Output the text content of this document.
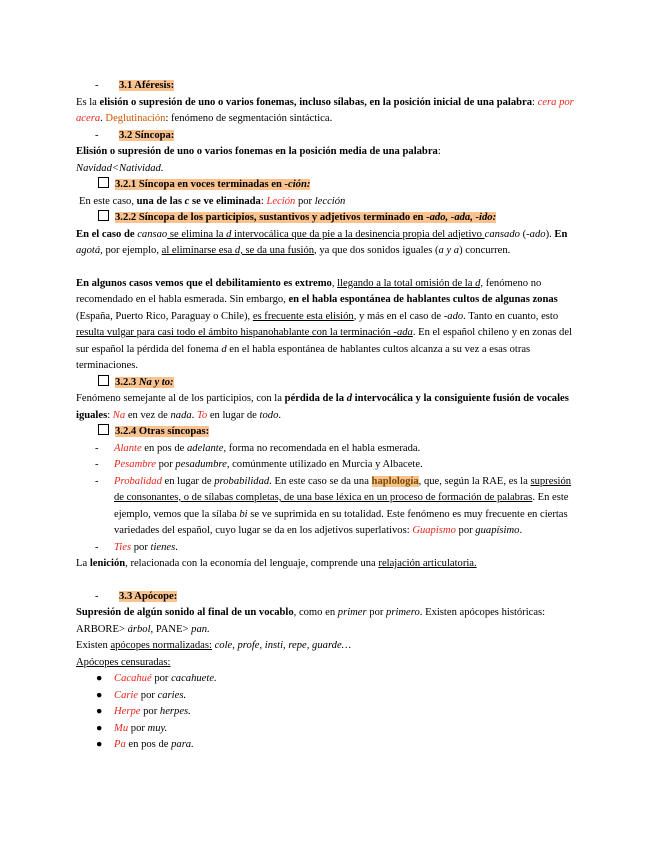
- 3.1 Aféresis:
Es la elisión o supresión de uno o varios fonemas, incluso sílabas, en la posición inicial de una palabra: cera por acera. Deglutinación: fenómeno de segmentación sintáctica.
- 3.2 Síncopa:
Elisión o supresión de uno o varios fonemas en la posición media de una palabra:
Navidad<Natividad.
3.2.1 Síncopa en voces terminadas en -ción:
En este caso, una de las c se ve eliminada: Leción por lección
3.2.2 Síncopa de los participios, sustantivos y adjetivos terminado en -ado, -ada, -ido:
En el caso de cansao se elimina la d intervocálica que da pie a la desinencia propia del adjetivo cansado (-ado). En agotá, por ejemplo, al eliminarse esa d, se da una fusión, ya que dos sonidos iguales (a y a) concurren.
En algunos casos vemos que el debilitamiento es extremo, llegando a la total omisión de la d, fenómeno no recomendado en el habla esmerada. Sin embargo, en el habla espontánea de hablantes cultos de algunas zonas (España, Puerto Rico, Paraguay o Chile), es frecuente esta elisión, y más en el caso de -ado. Tanto en cuanto, esto resulta vulgar para casi todo el ámbito hispanohablante con la terminación -ada. En el español chileno y en zonas del sur español la pérdida del fonema d en el habla espontánea de hablantes cultos alcanza a su vez a esas otras terminaciones.
3.2.3 Na y to:
Fenómeno semejante al de los participios, con la pérdida de la d intervocálica y la consiguiente fusión de vocales iguales: Na en vez de nada. To en lugar de todo.
3.2.4 Otras síncopas:
- Alante en pos de adelante, forma no recomendada en el habla esmerada.
- Pesambre por pesadumbre, comúnmente utilizado en Murcia y Albacete.
- Probalidad en lugar de probabilidad. En este caso se da una haplología, que, según la RAE, es la supresión de consonantes, o de sílabas completas, de una base léxica en un proceso de formación de palabras. En este ejemplo, vemos que la sílaba bi se ve suprimida en su totalidad. Este fenómeno es muy frecuente en ciertas variedades del español, cuyo lugar se da en los adjetivos superlativos: Guapismo por guapísimo.
- Ties por tienes.
La lenición, relacionada con la economía del lenguaje, comprende una relajación articulatoria.
- 3.3 Apócope:
Supresión de algún sonido al final de un vocablo, como en primer por primero. Existen apócopes históricas: ARBORE> árbol, PANE> pan.
Existen apócopes normalizadas: cole, profe, insti, repe, guarde…
Apócopes censuradas:
● Cacahué por cacahuete.
● Carie por caries.
● Herpe por herpes.
● Mu por muy.
● Pa en pos de para.
